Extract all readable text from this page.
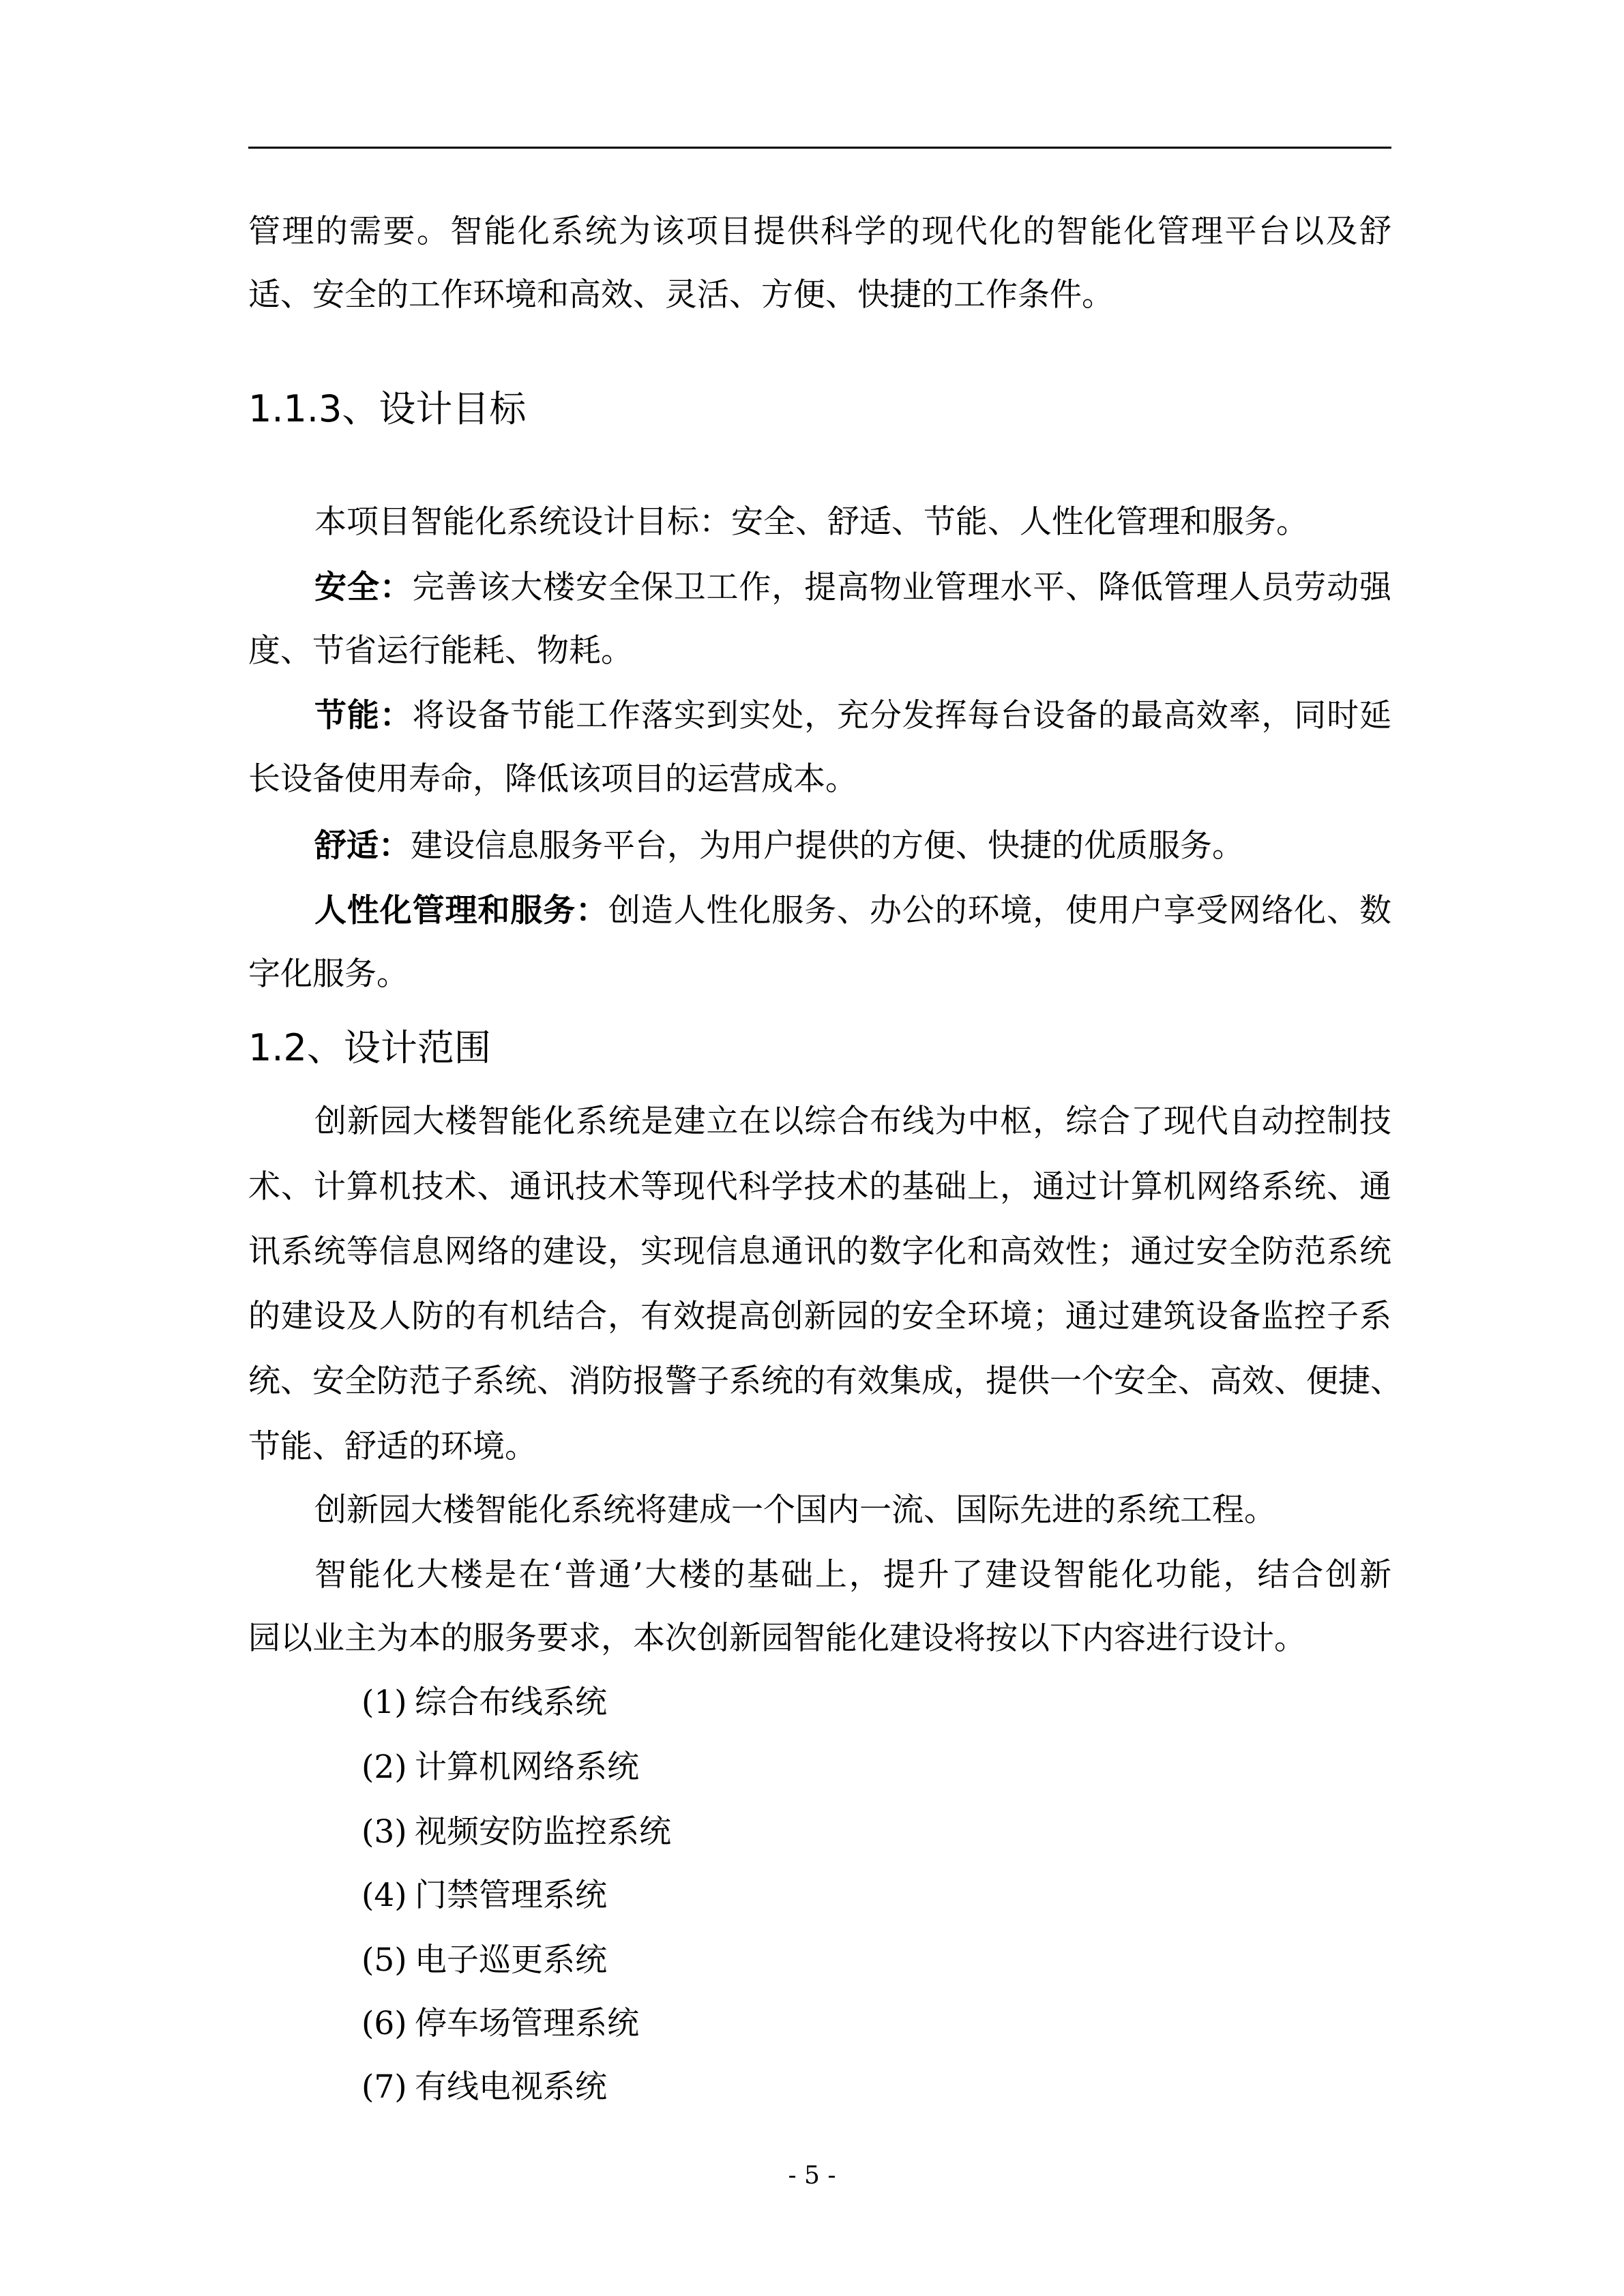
管理的需要。智能化系统为该项目提供科学的现代化的智能化管理平台以及舒
适、安全的工作环境和高效、灵活、方便、快捷的工作条件。
1.1.3、设计目标
本项目智能化系统设计目标：安全、舒适、节能、人性化管理和服务。
安全：完善该大楼安全保卫工作，提高物业管理水平、降低管理人员劳动强
度、节省运行能耗、物耗。
节能：将设备节能工作落实到实处，充分发挥每台设备的最高效率，同时延
长设备使用寿命，降低该项目的运营成本。
舒适：建设信息服务平台，为用户提供的方便、快捷的优质服务。
人性化管理和服务：创造人性化服务、办公的环境，使用户享受网络化、数
字化服务。
1.2、设计范围
创新园大楼智能化系统是建立在以综合布线为中枢，综合了现代自动控制技
术、计算机技术、通讯技术等现代科学技术的基础上，通过计算机网络系统、通
讯系统等信息网络的建设，实现信息通讯的数字化和高效性；通过安全防范系统
的建设及人防的有机结合，有效提高创新园的安全环境；通过建筑设备监控子系
统、安全防范子系统、消防报警子系统的有效集成，提供一个安全、高效、便捷、
节能、舒适的环境。
创新园大楼智能化系统将建成一个国内一流、国际先进的系统工程。
智能化大楼是在‘普通’大楼的基础上，提升了建设智能化功能，结合创新
园以业主为本的服务要求，本次创新园智能化建设将按以下内容进行设计。
(1) 综合布线系统
(2) 计算机网络系统
(3) 视频安防监控系统
(4) 门禁管理系统
(5) 电子巡更系统
(6) 停车场管理系统
(7) 有线电视系统
- 5 -
